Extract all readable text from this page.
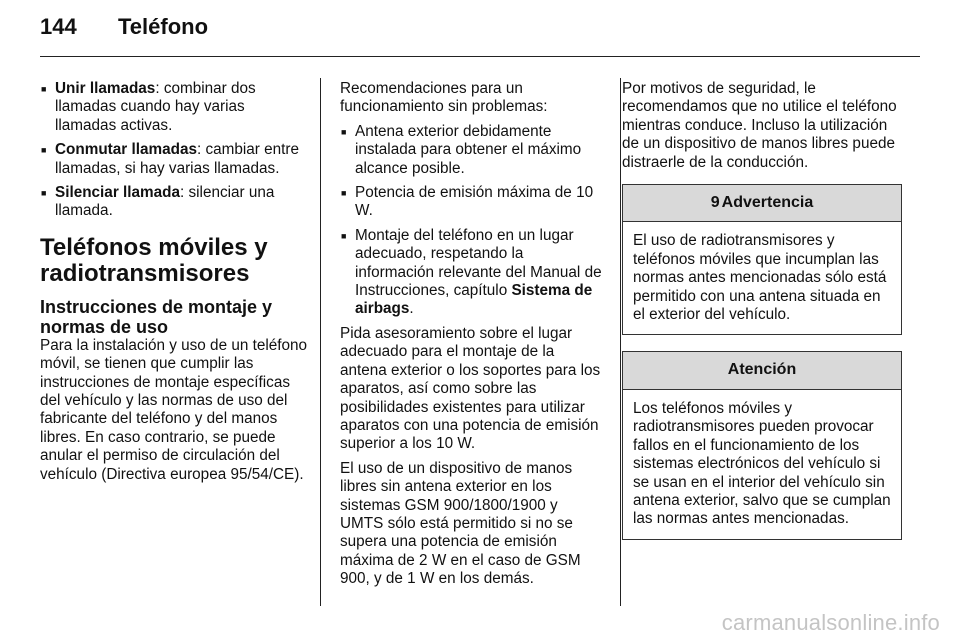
144 Teléfono
■ Unir llamadas: combinar dos llamadas cuando hay varias llamadas activas.
■ Conmutar llamadas: cambiar entre llamadas, si hay varias llamadas.
■ Silenciar llamada: silenciar una llamada.
Teléfonos móviles y radiotransmisores
Instrucciones de montaje y normas de uso
Para la instalación y uso de un teléfono móvil, se tienen que cumplir las instrucciones de montaje específicas del vehículo y las normas de uso del fabricante del teléfono y del manos libres. En caso contrario, se puede anular el permiso de circulación del vehículo (Directiva europea 95/54/CE).
Recomendaciones para un funcionamiento sin problemas:
■ Antena exterior debidamente instalada para obtener el máximo alcance posible.
■ Potencia de emisión máxima de 10 W.
■ Montaje del teléfono en un lugar adecuado, respetando la información relevante del Manual de Instrucciones, capítulo Sistema de airbags.
Pida asesoramiento sobre el lugar adecuado para el montaje de la antena exterior o los soportes para los aparatos, así como sobre las posibilidades existentes para utilizar aparatos con una potencia de emisión superior a los 10 W.
El uso de un dispositivo de manos libres sin antena exterior en los sistemas GSM 900/1800/1900 y UMTS sólo está permitido si no se supera una potencia de emisión máxima de 2 W en el caso de GSM 900, y de 1 W en los demás.
Por motivos de seguridad, le recomendamos que no utilice el teléfono mientras conduce. Incluso la utilización de un dispositivo de manos libres puede distraerle de la conducción.
9 Advertencia
El uso de radiotransmisores y teléfonos móviles que incumplan las normas antes mencionadas sólo está permitido con una antena situada en el exterior del vehículo.
Atención
Los teléfonos móviles y radiotransmisores pueden provocar fallos en el funcionamiento de los sistemas electrónicos del vehículo si se usan en el interior del vehículo sin antena exterior, salvo que se cumplan las normas antes mencionadas.
carmanualsonline.info
